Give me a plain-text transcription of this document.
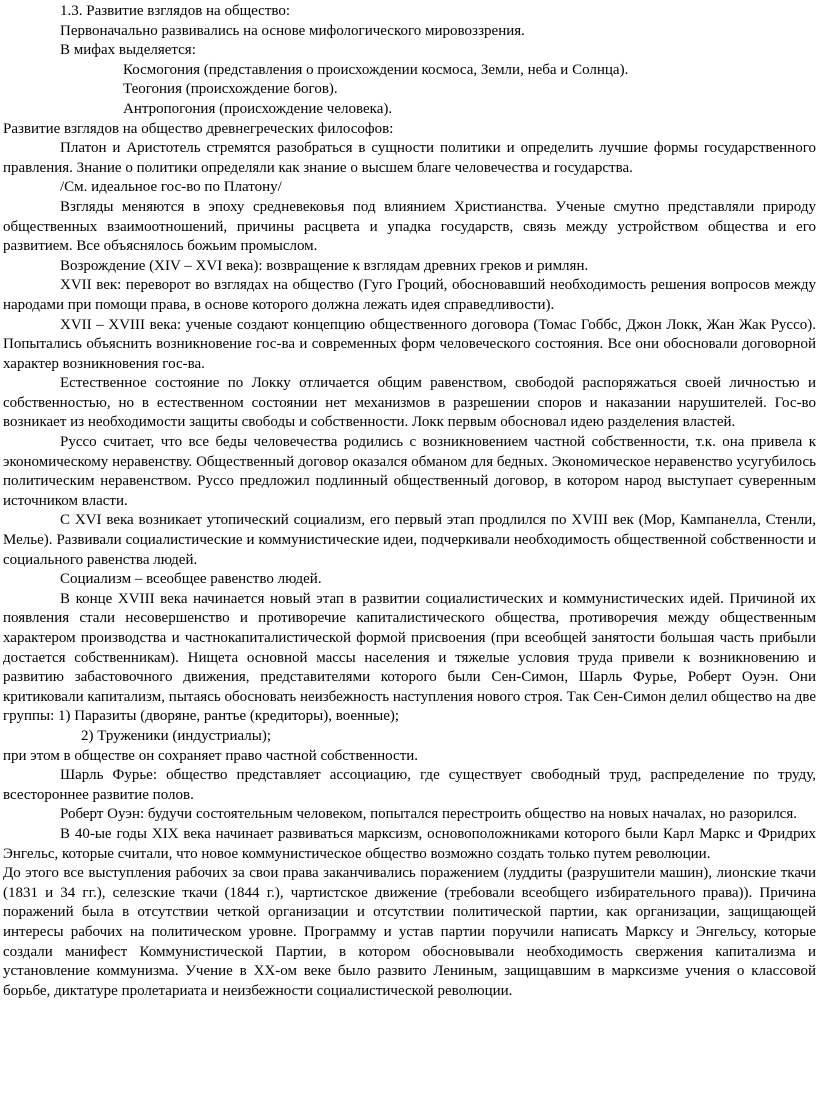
1.3. Развитие взглядов на общество:

Первоначально развивались на основе мифологического мировоззрения.

В мифах выделяется:

Космогония (представления о происхождении космоса, Земли, неба и Солнца).

Теогония (происхождение богов).

Антропогония (происхождение человека).

Развитие взглядов на общество древнегреческих философов:

Платон и Аристотель стремятся разобраться в сущности политики и определить лучшие формы государственного правления. Знание о политики определяли как знание о высшем благе человечества и государства.

/См. идеальное гос-во по Платону/

Взгляды меняются в эпоху средневековья под влиянием Христианства. Ученые смутно представляли природу общественных взаимоотношений, причины расцвета и упадка государств, связь между устройством общества и его развитием. Все объяснялось божьим промыслом.

Возрождение (XIV – XVI века): возвращение к взглядам древних греков и римлян.

XVII век: переворот во взглядах на общество (Гуго Гроций, обосновавший необходимость решения вопросов между народами при помощи права, в основе которого должна лежать идея справедливости).

XVII – XVIII века: ученые создают концепцию общественного договора (Томас Гоббс, Джон Локк, Жан Жак Руссо). Попытались объяснить возникновение гос-ва и современных форм человеческого состояния. Все они обосновали договорной характер возникновения гос-ва.

Естественное состояние по Локку отличается общим равенством, свободой распоряжаться своей личностью и собственностью, но в естественном состоянии нет механизмов в разрешении споров и наказании нарушителей. Гос-во возникает из необходимости защиты свободы и собственности. Локк первым обосновал идею разделения властей.

Руссо считает, что все беды человечества родились с возникновением частной собственности, т.к. она привела к экономическому неравенству. Общественный договор оказался обманом для бедных. Экономическое неравенство усугубилось политическим неравенством. Руссо предложил подлинный общественный договор, в котором народ выступает суверенным источником власти.

С XVI века возникает утопический социализм, его первый этап продлился по XVIII век (Мор, Кампанелла, Стенли, Мелье). Развивали социалистические и коммунистические идеи, подчеркивали необходимость общественной собственности и социального равенства людей.

Социализм – всеобщее равенство людей.

В конце XVIII века начинается новый этап в развитии социалистических и коммунистических идей. Причиной их появления стали несовершенство и противоречие капиталистического общества, противоречия между общественным характером производства и частнокапиталистической формой присвоения (при всеобщей занятости большая часть прибыли достается собственникам). Нищета основной массы населения и тяжелые условия труда привели к возникновению и развитию забастовочного движения, представителями которого были Сен-Симон, Шарль Фурье, Роберт Оуэн. Они критиковали капитализм, пытаясь обосновать неизбежность наступления нового строя. Так Сен-Симон делил общество на две группы: 1) Паразиты (дворяне, рантье (кредиторы), военные);

2) Труженики (индустриалы);

при этом в обществе он сохраняет право частной собственности.

Шарль Фурье: общество представляет ассоциацию, где существует свободный труд, распределение по труду, всестороннее развитие полов.

Роберт Оуэн: будучи состоятельным человеком, попытался перестроить общество на новых началах, но разорился.

В 40-ые годы XIX века начинает развиваться марксизм, основоположниками которого были Карл Маркс и Фридрих Энгельс, которые считали, что новое коммунистическое общество возможно создать только путем революции.

До этого все выступления рабочих за свои права заканчивались поражением (луддиты (разрушители машин), лионские ткачи (1831 и 34 гг.), селезские ткачи (1844 г.), чартистское движение (требовали всеобщего избирательного права)). Причина поражений была в отсутствии четкой организации и отсутствии политической партии, как организации, защищающей интересы рабочих на политическом уровне. Программу и устав партии поручили написать Марксу и Энгельсу, которые создали манифест Коммунистической Партии, в котором обосновывали необходимость свержения капитализма и установление коммунизма. Учение в XX-ом веке было развито Лениным, защищавшим в марксизме учения о классовой борьбе, диктатуре пролетариата и неизбежности социалистической революции.
